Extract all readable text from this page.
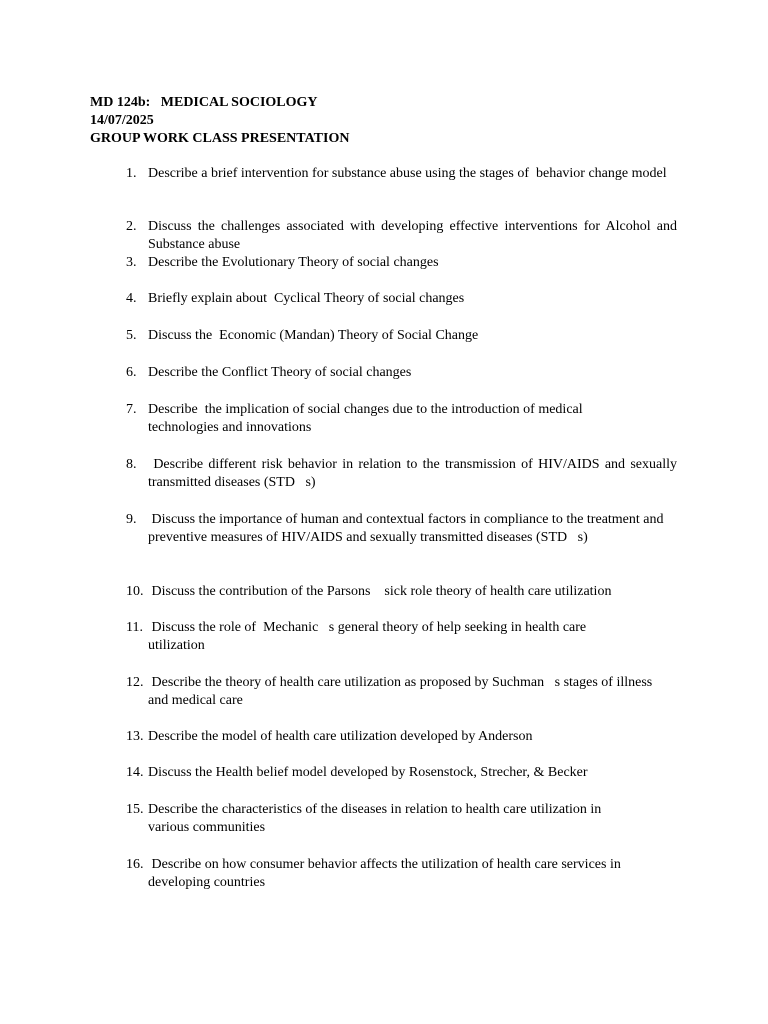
MD 124b:   MEDICAL SOCIOLOGY
14/07/2025
GROUP WORK CLASS PRESENTATION
1. Describe a brief intervention for substance abuse using the stages of  behavior change model
2. Discuss the challenges associated with developing effective interventions for Alcohol and Substance abuse
3. Describe the Evolutionary Theory of social changes
4. Briefly explain about  Cyclical Theory of social changes
5. Discuss the  Economic (Mandan) Theory of Social Change
6. Describe the Conflict Theory of social changes
7. Describe  the implication of social changes due to the introduction of medical technologies and innovations
8. Describe different risk behavior in relation to the transmission of HIV/AIDS and sexually transmitted diseases (STD   s)
9. Discuss the importance of human and contextual factors in compliance to the treatment and preventive measures of HIV/AIDS and sexually transmitted diseases (STD   s)
10. Discuss the contribution of the Parsons    sick role theory of health care utilization
11. Discuss the role of  Mechanic   s general theory of help seeking in health care utilization
12. Describe the theory of health care utilization as proposed by Suchman   s stages of illness and medical care
13. Describe the model of health care utilization developed by Anderson
14. Discuss the Health belief model developed by Rosenstock, Strecher, & Becker
15. Describe the characteristics of the diseases in relation to health care utilization in various communities
16. Describe on how consumer behavior affects the utilization of health care services in developing countries
